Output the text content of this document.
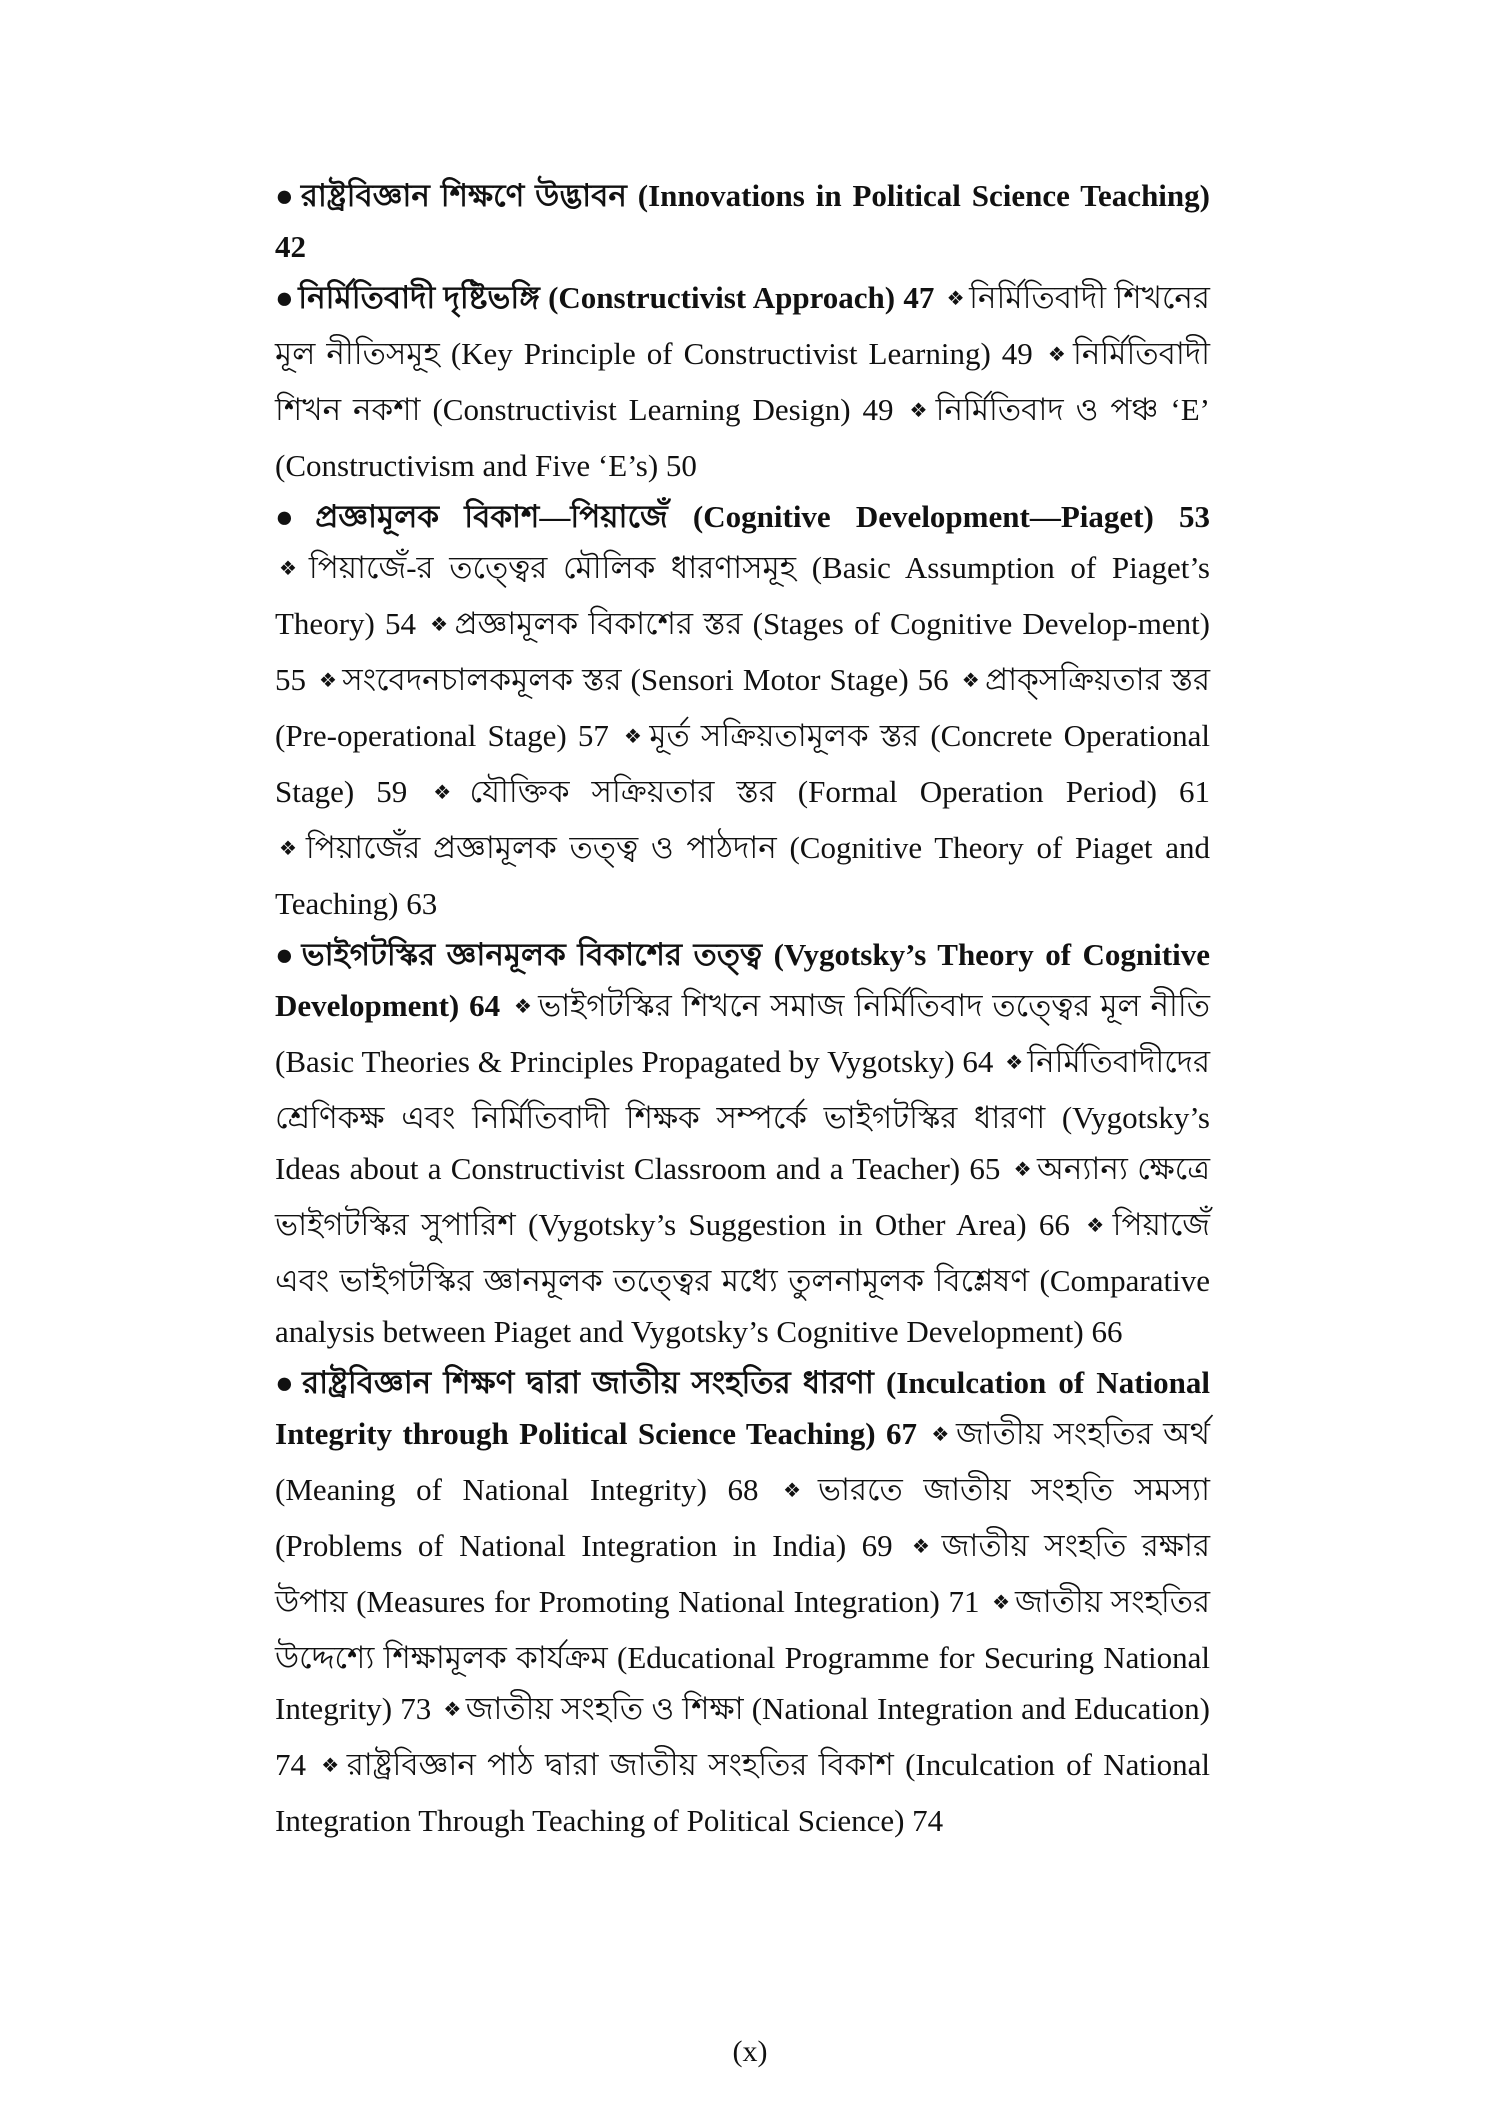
● রাষ্ট্রবিজ্ঞান শিক্ষণে উদ্ভাবন (Innovations in Political Science Teaching) 42

● নির্মিতিবাদী দৃষ্টিভঙ্গি (Constructivist Approach) 47 ❖ নির্মিতিবাদী শিখনের মূল নীতিসমূহ (Key Principle of Constructivist Learning) 49 ❖ নির্মিতিবাদী শিখন নকশা (Constructivist Learning Design) 49 ❖ নির্মিতিবাদ ও পঞ্চ ‘E’ (Constructivism and Five ‘E’s) 50

● প্রজ্ঞামূলক বিকাশ—পিয়াজেঁ (Cognitive Development—Piaget) 53 ❖ পিয়াজেঁ-র তত্ত্বের মৌলিক ধারণাসমূহ (Basic Assumption of Piaget’s Theory) 54 ❖ প্রজ্ঞামূলক বিকাশের স্তর (Stages of Cognitive Develop-ment) 55 ❖ সংবেদনচালকমূলক স্তর (Sensori Motor Stage) 56 ❖ প্রাক্‌সক্রিয়তার স্তর (Pre-operational Stage) 57 ❖ মূর্ত সক্রিয়তামূলক স্তর (Concrete Operational Stage) 59 ❖ যৌক্তিক সক্রিয়তার স্তর (Formal Operation Period) 61 ❖ পিয়াজেঁর প্রজ্ঞামূলক তত্ত্ব ও পাঠদান (Cognitive Theory of Piaget and Teaching) 63

● ভাইগটস্কির জ্ঞানমূলক বিকাশের তত্ত্ব (Vygotsky’s Theory of Cognitive Development) 64 ❖ ভাইগটস্কির শিখনে সমাজ নির্মিতিবাদ তত্ত্বের মূল নীতি (Basic Theories & Principles Propagated by Vygotsky) 64 ❖ নির্মিতিবাদীদের শ্রেণিকক্ষ এবং নির্মিতিবাদী শিক্ষক সম্পর্কে ভাইগটস্কির ধারণা (Vygotsky’s Ideas about a Constructivist Classroom and a Teacher) 65 ❖ অন্যান্য ক্ষেত্রে ভাইগটস্কির সুপারিশ (Vygotsky’s Suggestion in Other Area) 66 ❖ পিয়াজেঁ এবং ভাইগটস্কির জ্ঞানমূলক তত্ত্বের মধ্যে তুলনামূলক বিশ্লেষণ (Comparative analysis between Piaget and Vygotsky’s Cognitive Development) 66

● রাষ্ট্রবিজ্ঞান শিক্ষণ দ্বারা জাতীয় সংহতির ধারণা (Inculcation of National Integrity through Political Science Teaching) 67 ❖ জাতীয় সংহতির অর্থ (Meaning of National Integrity) 68 ❖ ভারতে জাতীয় সংহতি সমস্যা (Problems of National Integration in India) 69 ❖ জাতীয় সংহতি রক্ষার উপায় (Measures for Promoting National Integration) 71 ❖ জাতীয় সংহতির উদ্দেশ্যে শিক্ষামূলক কার্যক্রম (Educational Programme for Securing National Integrity) 73 ❖ জাতীয় সংহতি ও শিক্ষা (National Integration and Education) 74 ❖ রাষ্ট্রবিজ্ঞান পাঠ দ্বারা জাতীয় সংহতির বিকাশ (Inculcation of National Integration Through Teaching of Political Science) 74

(x)
